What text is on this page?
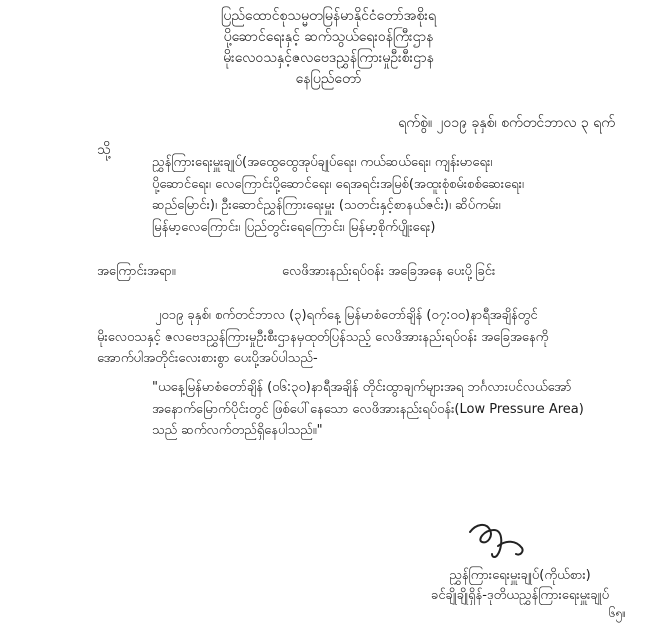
ပြည်ထောင်စုသမ္မတမြန်မာနိုင်ငံတော်အစိုးရ
ပို့ဆောင်ရေးနှင့် ဆက်သွယ်ရေးဝန်ကြီးဌာန
မိုးလေဝသနှင့်ဇလဗေဒညွှန်ကြားမှုဦးစီးဌာန
နေပြည်တော်
ရက်စွဲ။ ၂၀၁၉ ခုနှစ်၊ စက်တင်ဘာလ ၃ ရက်
သို့
ညွှန်ကြားရေးမှူးချုပ်(အထွေထွေအုပ်ချုပ်ရေး၊ ကယ်ဆယ်ရေး၊ ကျန်းမာရေး၊
ပို့ဆောင်ရေး၊ လေကြောင်းပို့ဆောင်ရေး၊ ရေအရင်းအမြစ်(အထူးစုံစမ်းစစ်ဆေးရေး၊
ဆည်မြောင်း)၊ ဦးဆောင်ညွှန်ကြားရေးမှူး (သတင်းနှင့်စာနယ်ဇင်း)၊ ဆိပ်ကမ်း၊
မြန်မာ့လေကြောင်း၊ ပြည်တွင်းရေကြောင်း၊ မြန်မာ့စိုက်ပျိုးရေး)
အကြောင်းအရာ။	လေဖိအားနည်းရပ်ဝန်း အခြေအနေ ပေးပို့ခြင်း
၂၀၁၉ ခုနှစ်၊ စက်တင်ဘာလ (၃)ရက်နေ့ မြန်မာစံတော်ချိန် (၀၇:၀၀)နာရီအချိန်တွင်
မိုးလေဝသနှင့် ဇလဗေဒညွှန်ကြားမှုဦးစီးဌာနမှထုတ်ပြန်သည့် လေဖိအားနည်းရပ်ဝန်း အခြေအနေကို
အောက်ပါအတိုင်းလေးစားစွာ ပေးပို့အပ်ပါသည်-
"ယနေ့မြန်မာစံတော်ချိန် (၀၆:၃၀)နာရီအချိန် တိုင်းထွာချက်များအရ ဘင်္ဂလားပင်လယ်အော်
အနောက်မြောက်ပိုင်းတွင် ဖြစ်ပေါ်နေသော လေဖိအားနည်းရပ်ဝန်း(Low Pressure Area)
သည် ဆက်လက်တည်ရှိနေပါသည်။"
ညွှန်ကြားရေးမှူးချုပ်(ကိုယ်စား)
ခင်ချိုချိုရှိန်-ဒုတိယညွှန်ကြားရေးမှူးချုပ်
၆၅။
